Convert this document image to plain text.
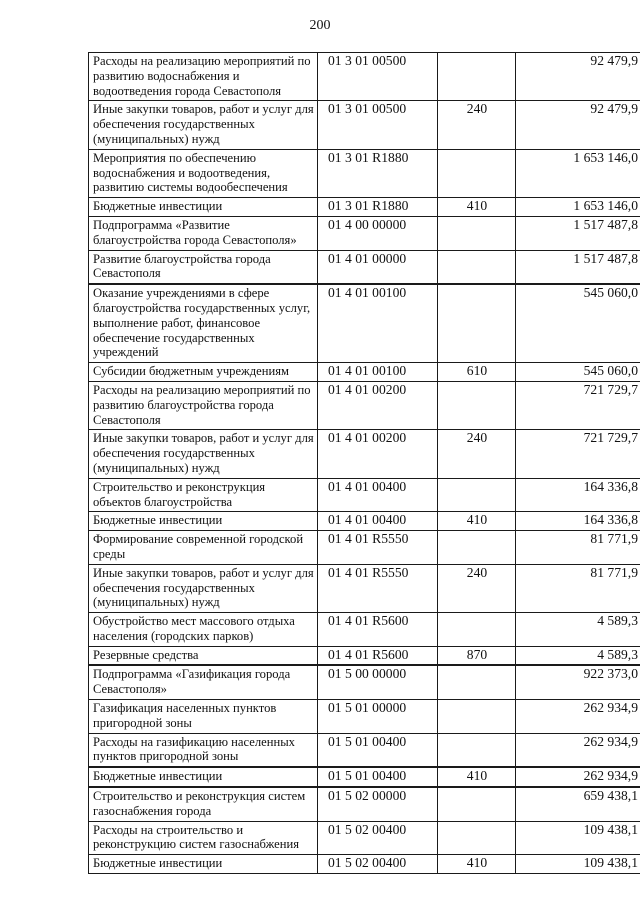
200
Расходы на реализацию мероприятий по развитию водоснабжения и водоотведения города Севастополя	01 3 01 00500		92 479,9
Иные закупки товаров, работ и услуг для обеспечения государственных (муниципальных) нужд	01 3 01 00500	240	92 479,9
Мероприятия по обеспечению водоснабжения и водоотведения, развитию системы водообеспечения	01 3 01 R1880		1 653 146,0
Бюджетные инвестиции	01 3 01 R1880	410	1 653 146,0
Подпрограмма «Развитие благоустройства города Севастополя»	01 4 00 00000		1 517 487,8
Развитие благоустройства города Севастополя	01 4 01 00000		1 517 487,8
Оказание учреждениями в сфере благоустройства государственных услуг, выполнение работ, финансовое обеспечение государственных учреждений	01 4 01 00100		545 060,0
Субсидии бюджетным учреждениям	01 4 01 00100	610	545 060,0
Расходы на реализацию мероприятий по развитию благоустройства города Севастополя	01 4 01 00200		721 729,7
Иные закупки товаров, работ и услуг для обеспечения государственных (муниципальных) нужд	01 4 01 00200	240	721 729,7
Строительство и реконструкция объектов благоустройства	01 4 01 00400		164 336,8
Бюджетные инвестиции	01 4 01 00400	410	164 336,8
Формирование современной городской среды	01 4 01 R5550		81 771,9
Иные закупки товаров, работ и услуг для обеспечения государственных (муниципальных) нужд	01 4 01 R5550	240	81 771,9
Обустройство мест массового отдыха населения (городских парков)	01 4 01 R5600		4 589,3
Резервные средства	01 4 01 R5600	870	4 589,3
Подпрограмма «Газификация города Севастополя»	01 5 00 00000		922 373,0
Газификация населенных пунктов пригородной зоны	01 5 01 00000		262 934,9
Расходы на газификацию населенных пунктов пригородной зоны	01 5 01 00400		262 934,9
Бюджетные инвестиции	01 5 01 00400	410	262 934,9
Строительство и реконструкция систем газоснабжения города	01 5 02 00000		659 438,1
Расходы на строительство и реконструкцию систем газоснабжения	01 5 02 00400		109 438,1
Бюджетные инвестиции	01 5 02 00400	410	109 438,1
